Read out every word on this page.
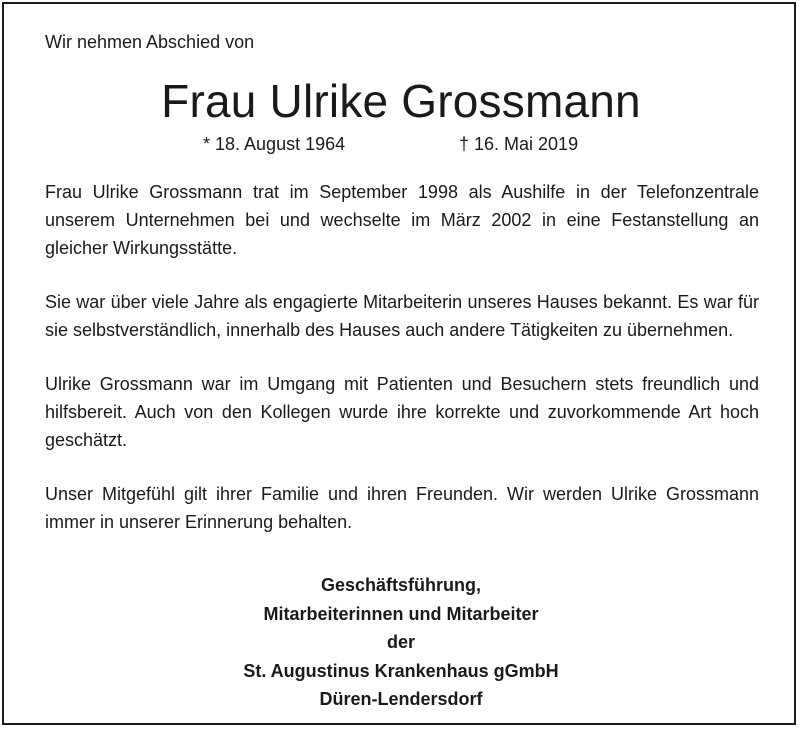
Wir nehmen Abschied von
Frau Ulrike Grossmann
* 18. August 1964	† 16. Mai 2019

Frau Ulrike Grossmann trat im September 1998 als Aushilfe in der Telefonzentrale unserem Unternehmen bei und wechselte im März 2002 in eine Festanstellung an gleicher Wirkungsstätte.

Sie war über viele Jahre als engagierte Mitarbeiterin unseres Hauses bekannt. Es war für sie selbstverständlich, innerhalb des Hauses auch andere Tätigkeiten zu übernehmen.

Ulrike Grossmann war im Umgang mit Patienten und Besuchern stets freundlich und hilfsbereit. Auch von den Kollegen wurde ihre korrekte und zuvorkommende Art hoch geschätzt.

Unser Mitgefühl gilt ihrer Familie und ihren Freunden. Wir werden Ulrike Grossmann immer in unserer Erinnerung behalten.

Geschäftsführung,
Mitarbeiterinnen und Mitarbeiter
der
St. Augustinus Krankenhaus gGmbH
Düren-Lendersdorf
